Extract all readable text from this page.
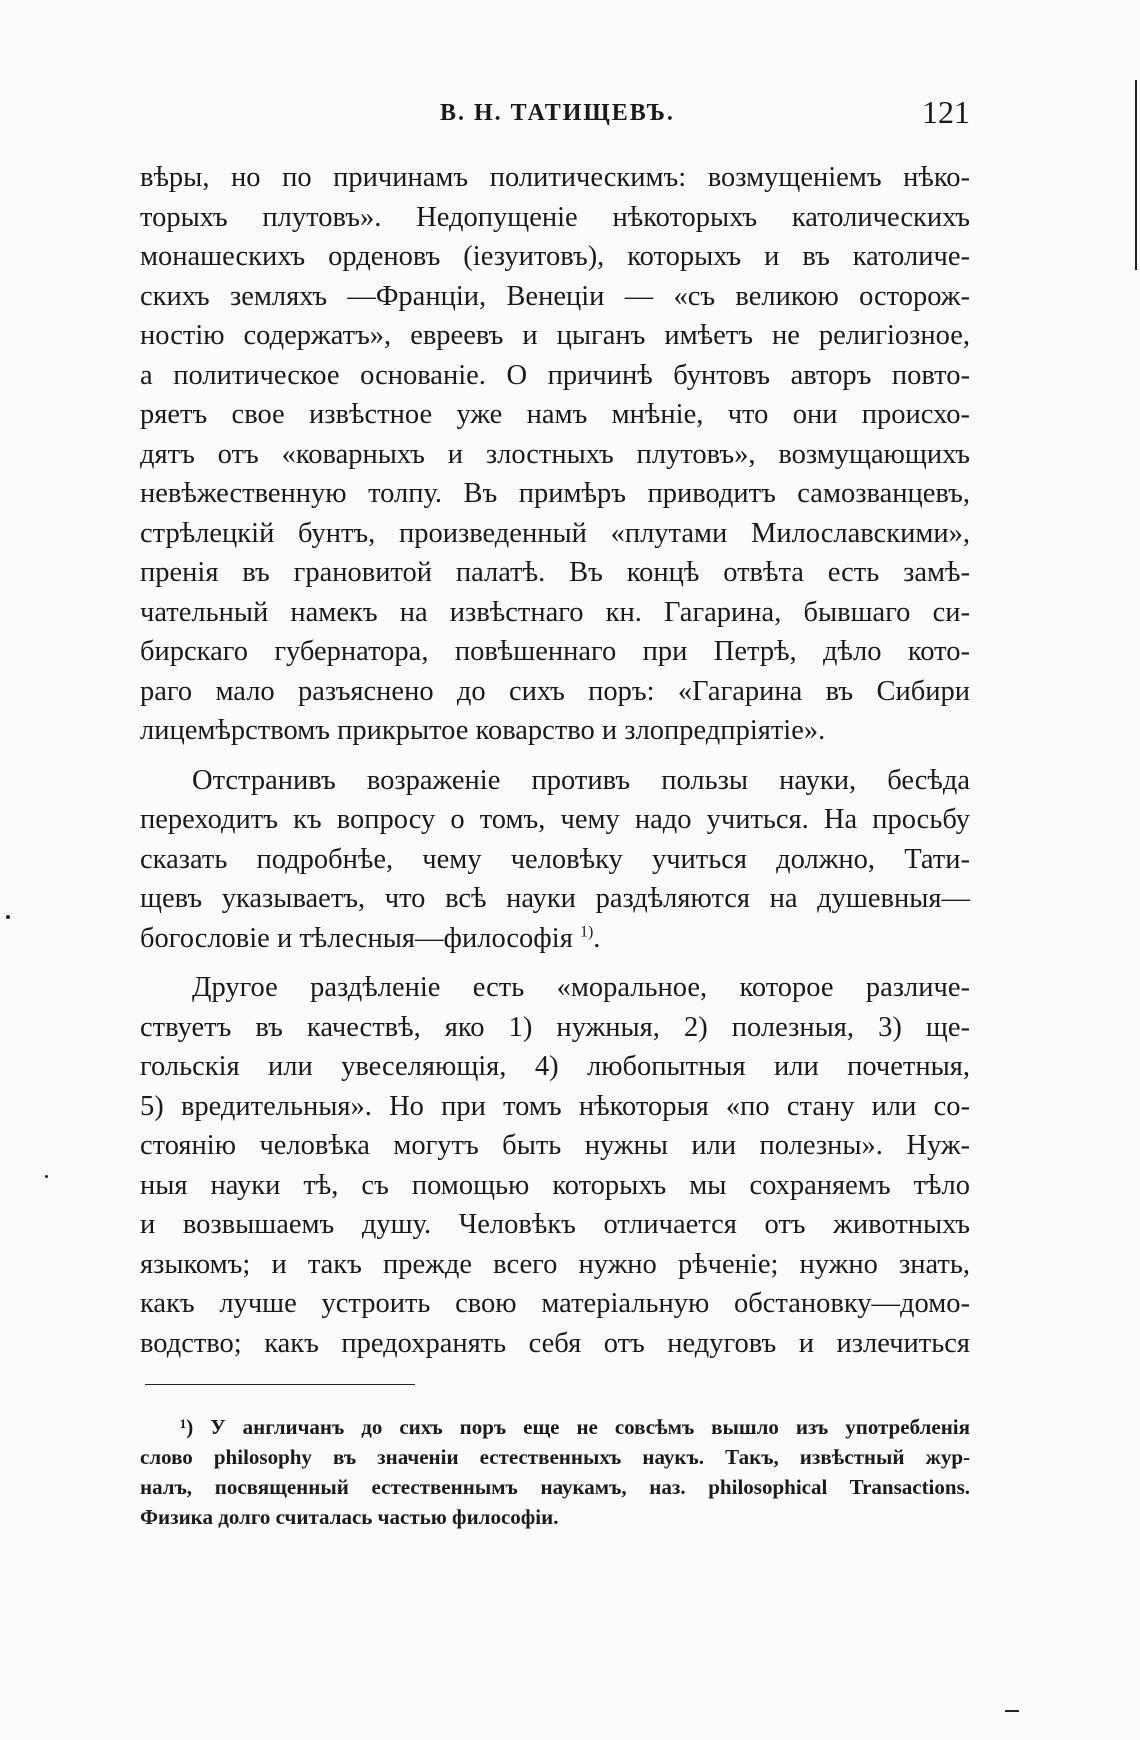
В. Н. ТАТИЩЕВЪ.	121
вѣры, но по причинамъ политическимъ: возмущеніемъ нѣко-
торыхъ плутовъ». Недопущеніе нѣкоторыхъ католическихъ
монашескихъ орденовъ (iезуитовъ), которыхъ и въ католиче-
скихъ земляхъ —Франціи, Венеціи — «съ великою осторож-
ностію содержатъ», евреевъ и цыганъ имѣетъ не религіозное,
а политическое основаніе. О причинѣ бунтовъ авторъ повто-
ряетъ свое извѣстное уже намъ мнѣніе, что они происхо-
дятъ отъ «коварныхъ и злостныхъ плутовъ», возмущающихъ
невѣжественную толпу. Въ примѣръ приводитъ самозванцевъ,
стрѣлецкій бунтъ, произведенный «плутами Милославскими»,
пренія въ грановитой палатѣ. Въ концѣ отвѣта есть замѣ-
чательный намекъ на извѣстнаго кн. Гагарина, бывшаго си-
бирскаго губернатора, повѣшеннаго при Петрѣ, дѣло кото-
раго мало разъяснено до сихъ поръ: «Гагарина въ Сибири
лицемѣрствомъ прикрытое коварство и злопредпріятіе».
Отстранивъ возраженіе противъ пользы науки, бесѣда
переходитъ къ вопросу о томъ, чему надо учиться. На просьбу
сказать подробнѣе, чему человѣку учиться должно, Тати-
щевъ указываетъ, что всѣ науки раздѣляются на душевныя—
богословіе и тѣлесныя—философія $^{1)}$.
Другое раздѣленіе есть «моральное, которое различе-
ствуетъ въ качествѣ, яко 1) нужныя, 2) полезныя, 3) ще-
гольскія или увеселяющія, 4) любопытныя или почетныя,
5) вредительныя». Но при томъ нѣкоторыя «по стану или со-
стоянію человѣка могутъ быть нужны или полезны». Нуж-
ныя науки тѣ, съ помощью которыхъ мы сохраняемъ тѣло
и возвышаемъ душу. Человѣкъ отличается отъ животныхъ
языкомъ; и такъ прежде всего нужно рѣченіе; нужно знать,
какъ лучше устроить свою матеріальную обстановку—домо-
водство; какъ предохранять себя отъ недуговъ и излечиться
¹) У англичанъ до сихъ поръ еще не совсѣмъ вышло изъ употребленія
слово philosophy въ значеніи естественныхъ наукъ. Такъ, извѣстный жур-
налъ, посвященный естественнымъ наукамъ, наз. philosophical Transactions.
Физика долго считалась частью философіи.
